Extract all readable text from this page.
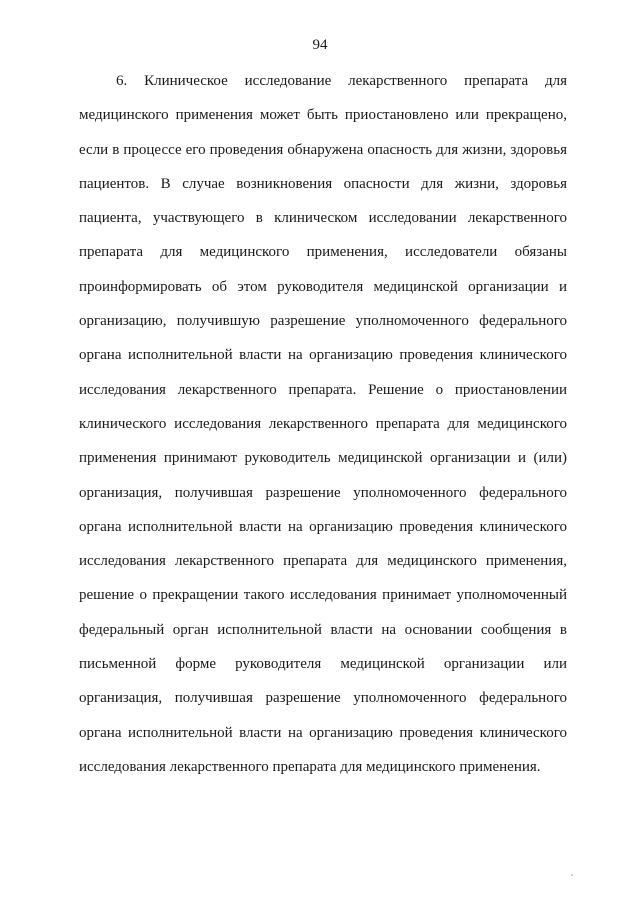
94
6. Клиническое исследование лекарственного препарата для
медицинского применения может быть приостановлено или прекращено,
если в процессе его проведения обнаружена опасность для жизни, здоровья
пациентов. В случае возникновения опасности для жизни, здоровья
пациента, участвующего в клиническом исследовании лекарственного
препарата для медицинского применения, исследователи обязаны
проинформировать об этом руководителя медицинской организации и
организацию, получившую разрешение уполномоченного федерального
органа исполнительной власти на организацию проведения клинического
исследования лекарственного препарата. Решение о приостановлении
клинического исследования лекарственного препарата для медицинского
применения принимают руководитель медицинской организации и (или)
организация, получившая разрешение уполномоченного федерального
органа исполнительной власти на организацию проведения клинического
исследования лекарственного препарата для медицинского применения,
решение о прекращении такого исследования принимает уполномоченный
федеральный орган исполнительной власти на основании сообщения в
письменной форме руководителя медицинской организации или
организация, получившая разрешение уполномоченного федерального
органа исполнительной власти на организацию проведения клинического
исследования лекарственного препарата для медицинского применения.
